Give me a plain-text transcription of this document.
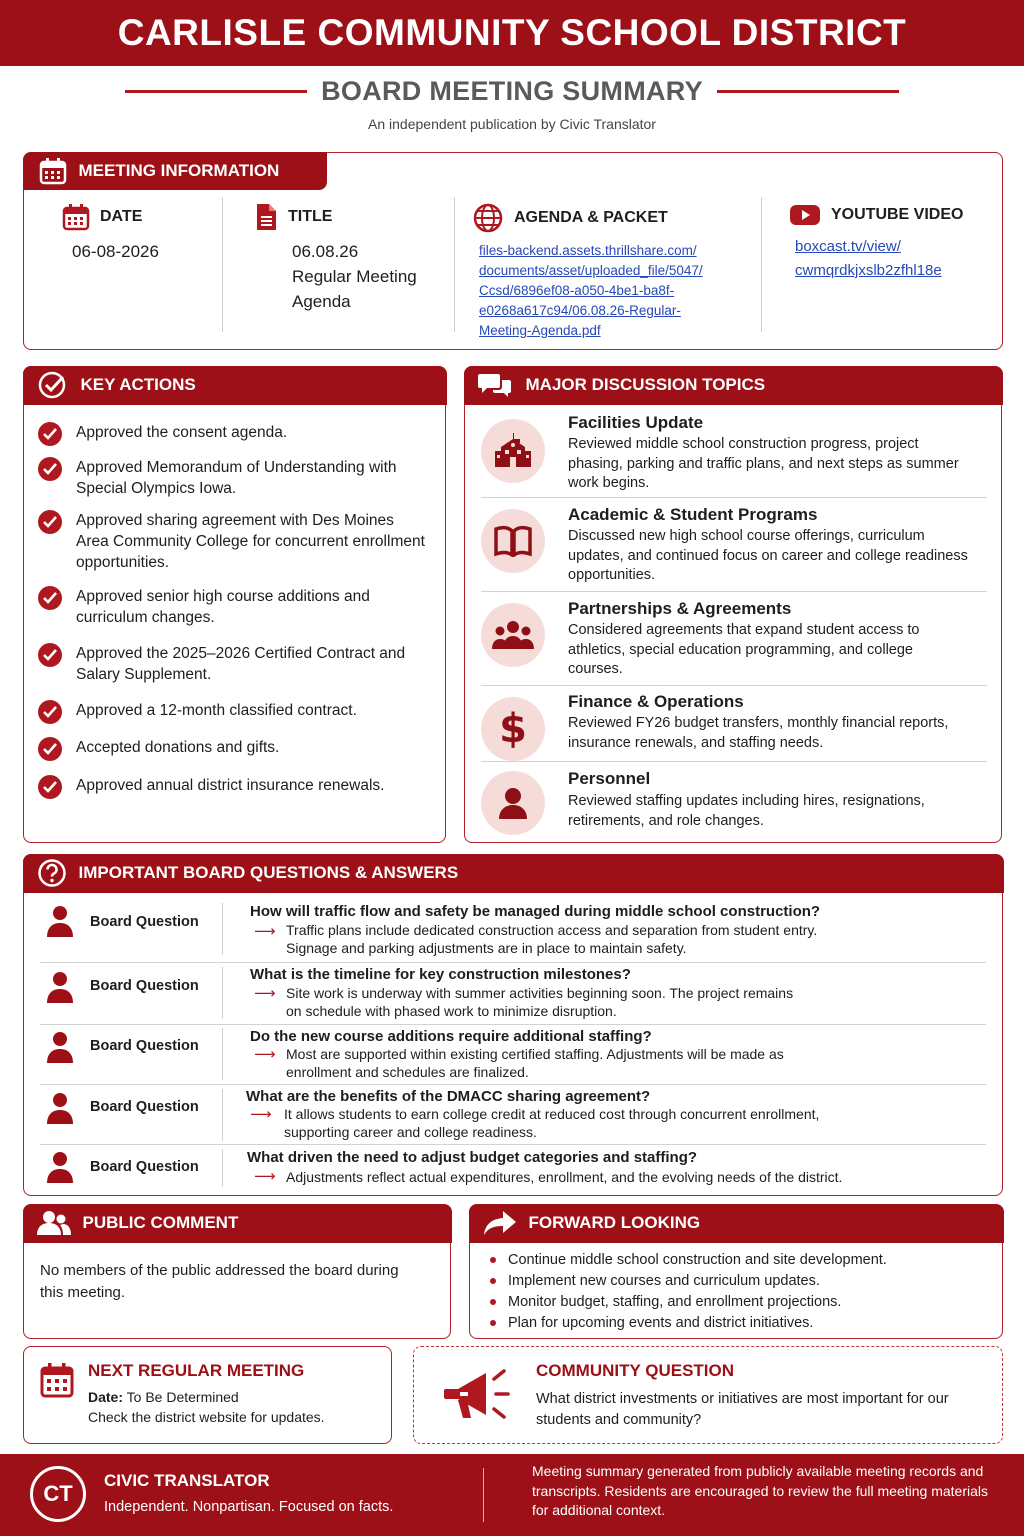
CARLISLE COMMUNITY SCHOOL DISTRICT
BOARD MEETING SUMMARY
An independent publication by Civic Translator
MEETING INFORMATION
DATE
06-08-2026
TITLE
06.08.26
Regular Meeting
Agenda
AGENDA & PACKET
files-backend.assets.thrillshare.com/
documents/asset/uploaded_file/5047/
Ccsd/6896ef08-a050-4be1-ba8f-
e0268a617c94/06.08.26-Regular-
Meeting-Agenda.pdf
YOUTUBE VIDEO
boxcast.tv/view/
cwmqrdkjxslb2zfhl18e
KEY ACTIONS
Approved the consent agenda.
Approved Memorandum of Understanding with Special Olympics Iowa.
Approved sharing agreement with Des Moines Area Community College for concurrent enrollment opportunities.
Approved senior high course additions and curriculum changes.
Approved the 2025–2026 Certified Contract and Salary Supplement.
Approved a 12-month classified contract.
Accepted donations and gifts.
Approved annual district insurance renewals.
MAJOR DISCUSSION TOPICS
Facilities Update
Reviewed middle school construction progress, project phasing, parking and traffic plans, and next steps as summer work begins.
Academic & Student Programs
Discussed new high school course offerings, curriculum updates, and continued focus on career and college readiness opportunities.
Partnerships & Agreements
Considered agreements that expand student access to athletics, special education programming, and college courses.
$
Finance & Operations
Reviewed FY26 budget transfers, monthly financial reports, insurance renewals, and staffing needs.
Personnel
Reviewed staffing updates including hires, resignations, retirements, and role changes.
IMPORTANT BOARD QUESTIONS & ANSWERS
Board Question
How will traffic flow and safety be managed during middle school construction?
⟶ Traffic plans include dedicated construction access and separation from student entry.
Signage and parking adjustments are in place to maintain safety.
Board Question
What is the timeline for key construction milestones?
⟶ Site work is underway with summer activities beginning soon. The project remains
on schedule with phased work to minimize disruption.
Board Question
Do the new course additions require additional staffing?
⟶ Most are supported within existing certified staffing. Adjustments will be made as
enrollment and schedules are finalized.
Board Question
What are the benefits of the DMACC sharing agreement?
⟶ It allows students to earn college credit at reduced cost through concurrent enrollment,
supporting career and college readiness.
Board Question
What driven the need to adjust budget categories and staffing?
⟶ Adjustments reflect actual expenditures, enrollment, and the evolving needs of the district.
PUBLIC COMMENT
No members of the public addressed the board during this meeting.
FORWARD LOOKING
Continue middle school construction and site development.
Implement new courses and curriculum updates.
Monitor budget, staffing, and enrollment projections.
Plan for upcoming events and district initiatives.
NEXT REGULAR MEETING
Date: To Be Determined
Check the district website for updates.
COMMUNITY QUESTION
What district investments or initiatives are most important for our students and community?
CT
CIVIC TRANSLATOR
Independent. Nonpartisan. Focused on facts.
Meeting summary generated from publicly available meeting records and transcripts. Residents are encouraged to review the full meeting materials for additional context.
